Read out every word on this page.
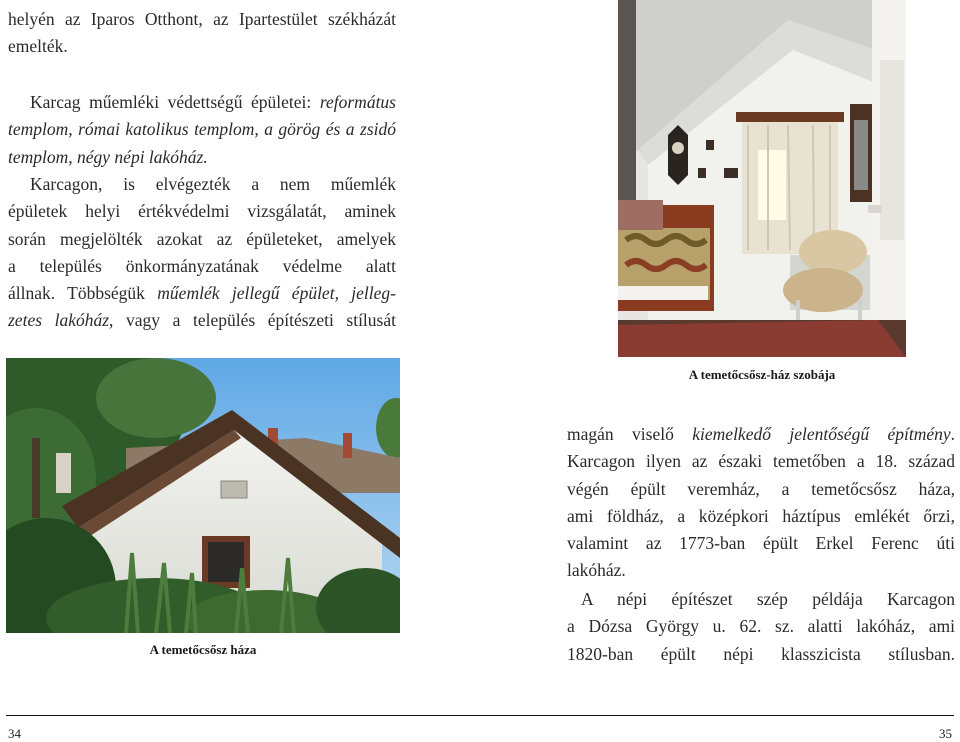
helyén az Iparos Otthont, az Ipartestület székházát
emelték.
Karcag műemléki védettségű épületei: református
templom, római katolikus templom, a görög és a zsidó
templom, négy népi lakóház.
Karcagon, is elvégezték a nem műemlék
épületek helyi értékvédelmi vizsgálatát, aminek
során megjelölték azokat az épületeket, amelyek
a település önkormányzatának védelme alatt
állnak. Többségük műemlék jellegű épület, jelleg-
zetes lakóház, vagy a település építészeti stílusát
A temetőcsősz háza
A temetőcsősz-ház szobája
magán viselő kiemelkedő jelentőségű építmény.
Karcagon ilyen az északi temetőben a 18. század
végén épült veremház, a temetőcsősz háza,
ami földház, a középkori háztípus emlékét őrzi,
valamint az 1773-ban épült Erkel Ferenc úti
lakóház.
A népi építészet szép példája Karcagon
a Dózsa György u. 62. sz. alatti lakóház, ami
1820-ban épült népi klasszicista stílusban.
34	35
